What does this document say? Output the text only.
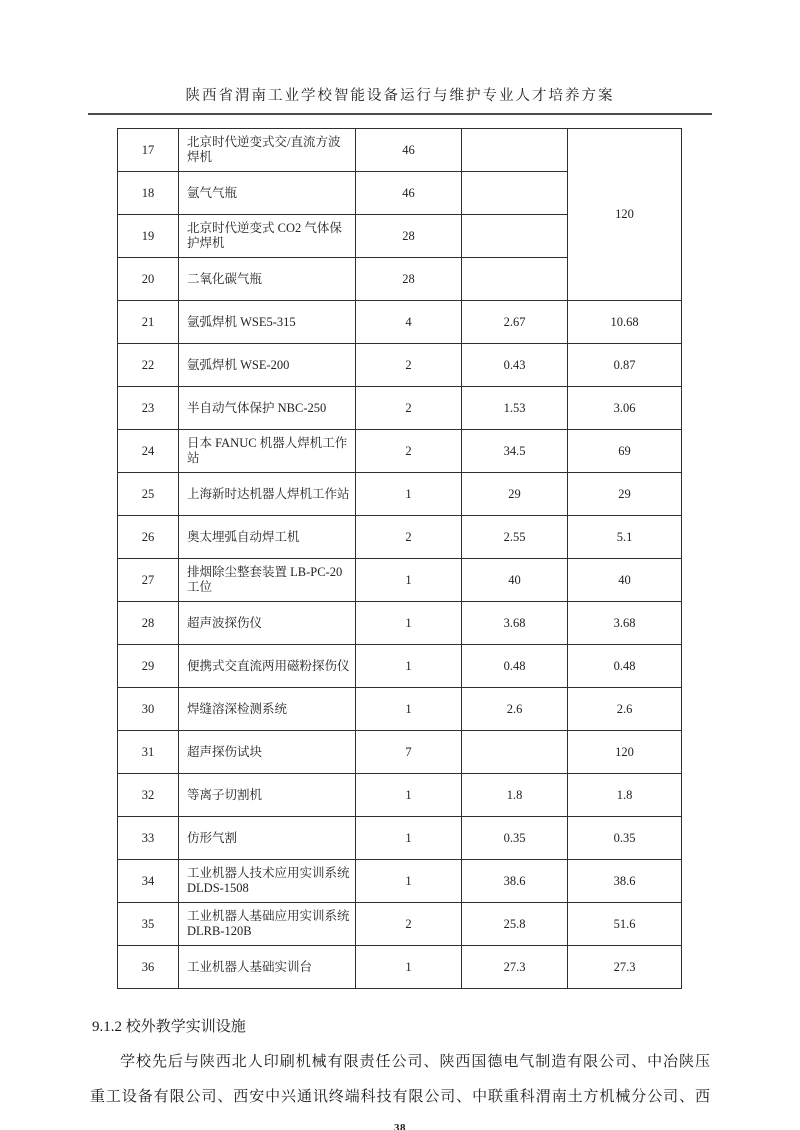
陕西省渭南工业学校智能设备运行与维护专业人才培养方案
17	北京时代逆变式交/直流方波焊机	46		120
18	氩气气瓶	46		
19	北京时代逆变式 CO2 气体保护焊机	28		
20	二氧化碳气瓶	28		
21	氩弧焊机 WSE5-315	4	2.67	10.68
22	氩弧焊机 WSE-200	2	0.43	0.87
23	半自动气体保护 NBC-250	2	1.53	3.06
24	日本 FANUC 机器人焊机工作站	2	34.5	69
25	上海新时达机器人焊机工作站	1	29	29
26	奥太埋弧自动焊工机	2	2.55	5.1
27	排烟除尘整套装置 LB-PC-20 工位	1	40	40
28	超声波探伤仪	1	3.68	3.68
29	便携式交直流两用磁粉探伤仪	1	0.48	0.48
30	焊缝溶深检测系统	1	2.6	2.6
31	超声探伤试块	7		120
32	等离子切割机	1	1.8	1.8
33	仿形气割	1	0.35	0.35
34	工业机器人技术应用实训系统 DLDS-1508	1	38.6	38.6
35	工业机器人基础应用实训系统 DLRB-120B	2	25.8	51.6
36	工业机器人基础实训台	1	27.3	27.3
9.1.2 校外教学实训设施
学校先后与陕西北人印刷机械有限责任公司、陕西国德电气制造有限公司、中冶陕压
重工设备有限公司、西安中兴通讯终端科技有限公司、中联重科渭南土方机械分公司、西
38
